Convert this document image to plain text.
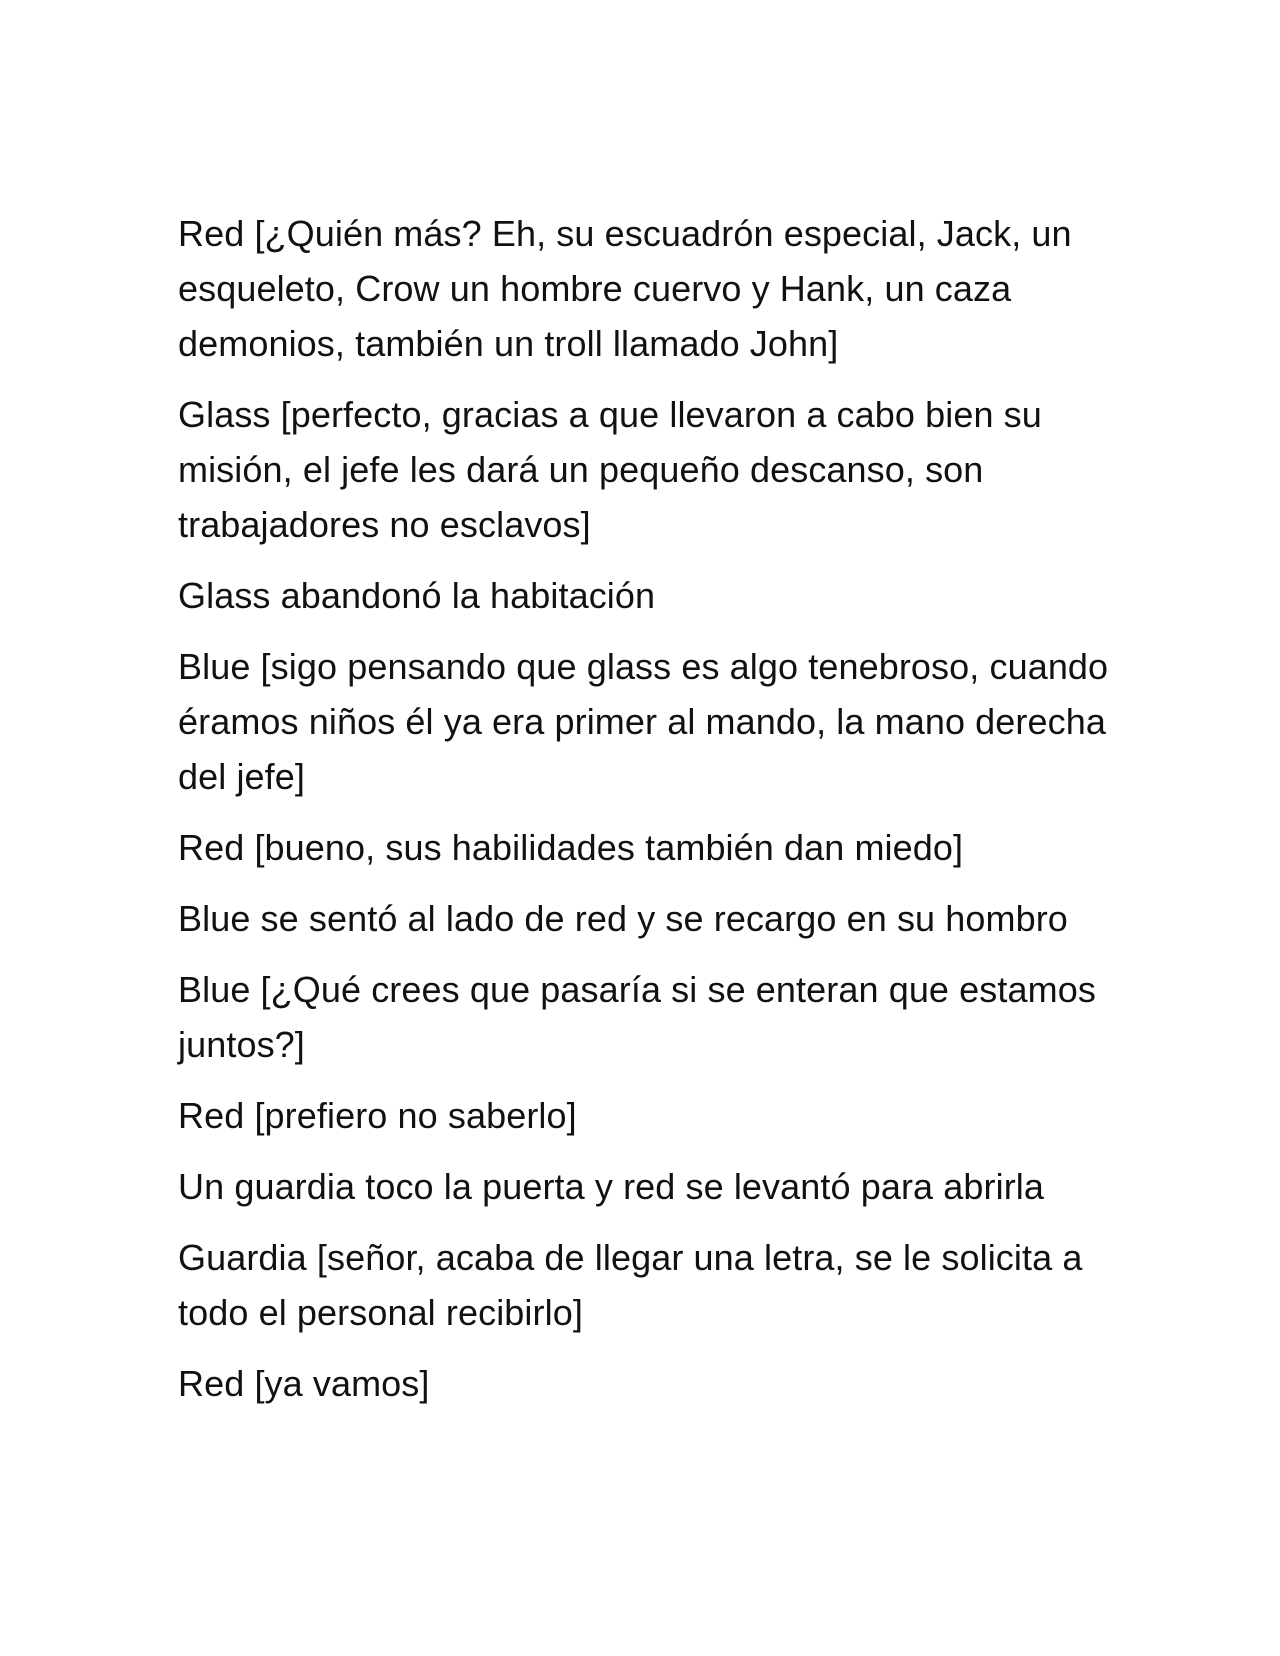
Red [¿Quién más? Eh, su escuadrón especial, Jack, un esqueleto, Crow un hombre cuervo y Hank, un caza demonios, también un troll llamado John]

Glass [perfecto, gracias a que llevaron a cabo bien su misión, el jefe les dará un pequeño descanso, son trabajadores no esclavos]

Glass abandonó la habitación

Blue [sigo pensando que glass es algo tenebroso, cuando éramos niños él ya era primer al mando, la mano derecha del jefe]

Red [bueno, sus habilidades también dan miedo]

Blue se sentó al lado de red y se recargo en su hombro

Blue [¿Qué crees que pasaría si se enteran que estamos juntos?]

Red [prefiero no saberlo]

Un guardia toco la puerta y red se levantó para abrirla

Guardia [señor, acaba de llegar una letra, se le solicita a todo el personal recibirlo]

Red [ya vamos]
